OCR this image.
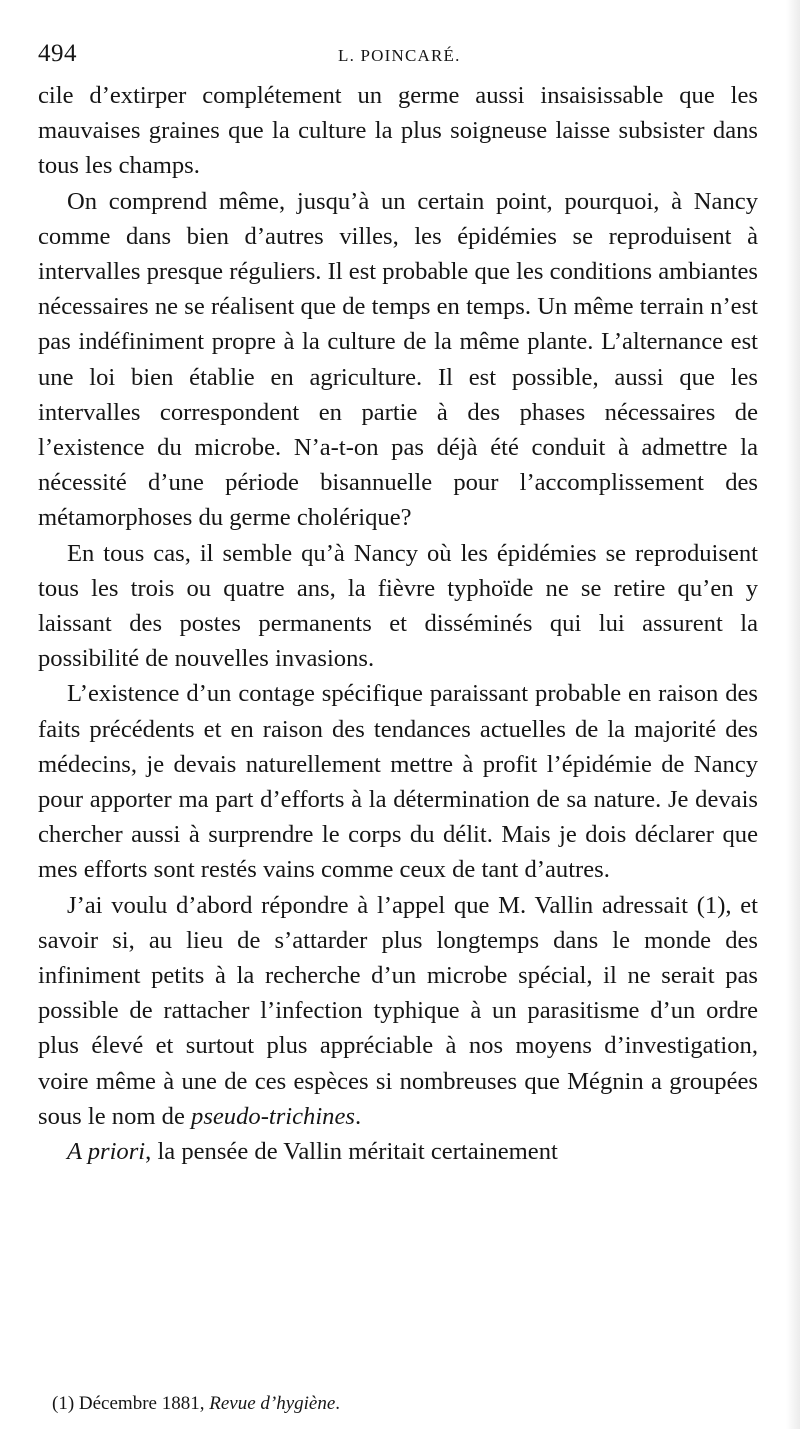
494	L. POINCARÉ.

cile d’extirper complétement un germe aussi insaisissable que les mauvaises graines que la culture la plus soigneuse laisse subsister dans tous les champs.

On comprend même, jusqu’à un certain point, pourquoi, à Nancy comme dans bien d’autres villes, les épidémies se reproduisent à intervalles presque réguliers. Il est probable que les conditions ambiantes nécessaires ne se réalisent que de temps en temps. Un même terrain n’est pas indéfiniment propre à la culture de la même plante. L’alternance est une loi bien établie en agriculture. Il est possible, aussi que les intervalles correspondent en partie à des phases nécessaires de l’existence du microbe. N’a-t-on pas déjà été conduit à admettre la nécessité d’une période bisannuelle pour l’accomplissement des métamorphoses du germe cholérique?

En tous cas, il semble qu’à Nancy où les épidémies se reproduisent tous les trois ou quatre ans, la fièvre typhoïde ne se retire qu’en y laissant des postes permanents et disséminés qui lui assurent la possibilité de nouvelles invasions.

L’existence d’un contage spécifique paraissant probable en raison des faits précédents et en raison des tendances actuelles de la majorité des médecins, je devais naturellement mettre à profit l’épidémie de Nancy pour apporter ma part d’efforts à la détermination de sa nature. Je devais chercher aussi à surprendre le corps du délit. Mais je dois déclarer que mes efforts sont restés vains comme ceux de tant d’autres.

J’ai voulu d’abord répondre à l’appel que M. Vallin adressait (1), et savoir si, au lieu de s’attarder plus longtemps dans le monde des infiniment petits à la recherche d’un microbe spécial, il ne serait pas possible de rattacher l’infection typhique à un parasitisme d’un ordre plus élevé et surtout plus appréciable à nos moyens d’investigation, voire même à une de ces espèces si nombreuses que Mégnin a groupées sous le nom de pseudo-trichines.

A priori, la pensée de Vallin méritait certainement

(1) Décembre 1881, Revue d’hygiène.
